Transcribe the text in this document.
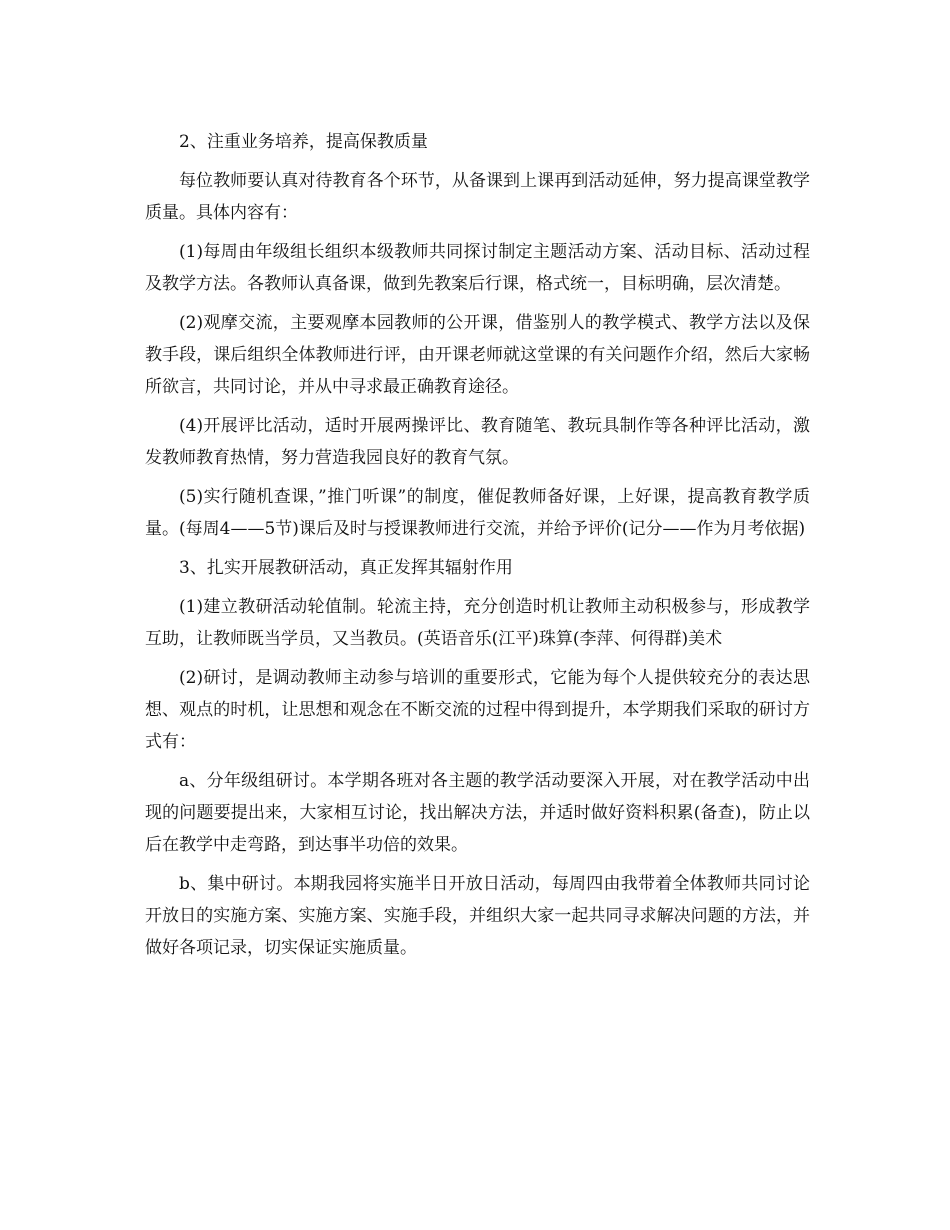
2、注重业务培养，提高保教质量

每位教师要认真对待教育各个环节，从备课到上课再到活动延伸，努力提高课堂教学质量。具体内容有：

(1)每周由年级组长组织本级教师共同探讨制定主题活动方案、活动目标、活动过程及教学方法。各教师认真备课，做到先教案后行课，格式统一，目标明确，层次清楚。

(2)观摩交流，主要观摩本园教师的公开课，借鉴别人的教学模式、教学方法以及保教手段，课后组织全体教师进行评，由开课老师就这堂课的有关问题作介绍，然后大家畅所欲言，共同讨论，并从中寻求最正确教育途径。

(4)开展评比活动，适时开展两操评比、教育随笔、教玩具制作等各种评比活动，激发教师教育热情，努力营造我园良好的教育气氛。

(5)实行随机查课，”推门听课”的制度，催促教师备好课，上好课，提高教育教学质量。(每周4——5节)课后及时与授课教师进行交流，并给予评价(记分——作为月考依据)

3、扎实开展教研活动，真正发挥其辐射作用

(1)建立教研活动轮值制。轮流主持，充分创造时机让教师主动积极参与，形成教学互助，让教师既当学员，又当教员。(英语音乐(江平)珠算(李萍、何得群)美术

(2)研讨，是调动教师主动参与培训的重要形式，它能为每个人提供较充分的表达思想、观点的时机，让思想和观念在不断交流的过程中得到提升，本学期我们采取的研讨方式有：

a、分年级组研讨。本学期各班对各主题的教学活动要深入开展，对在教学活动中出现的问题要提出来，大家相互讨论，找出解决方法，并适时做好资料积累(备查)，防止以后在教学中走弯路，到达事半功倍的效果。

b、集中研讨。本期我园将实施半日开放日活动，每周四由我带着全体教师共同讨论开放日的实施方案、实施方案、实施手段，并组织大家一起共同寻求解决问题的方法，并做好各项记录，切实保证实施质量。
